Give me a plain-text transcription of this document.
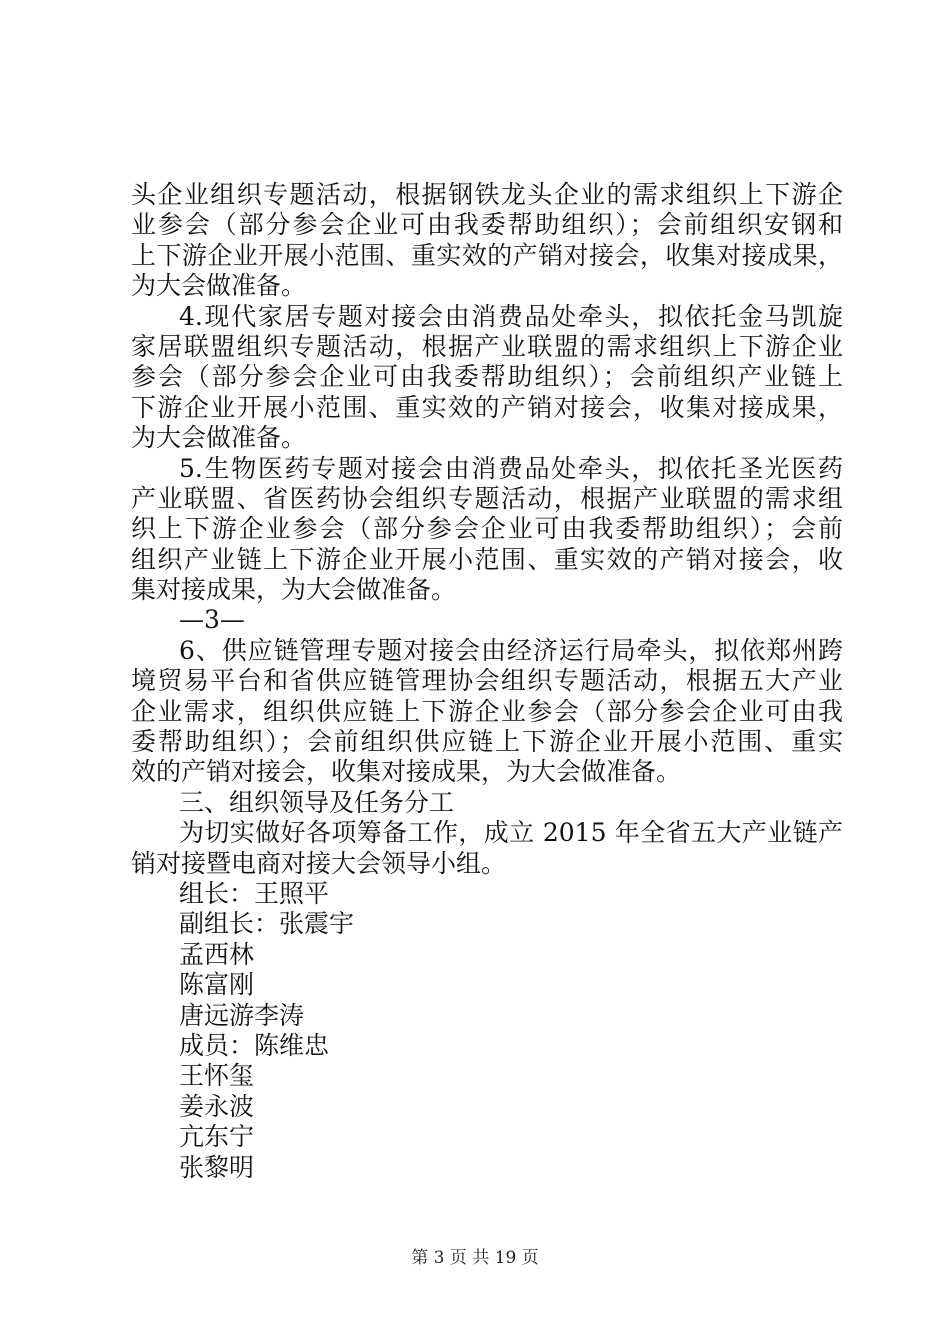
头企业组织专题活动，根据钢铁龙头企业的需求组织上下游企
业参会（部分参会企业可由我委帮助组织）；会前组织安钢和
上下游企业开展小范围、重实效的产销对接会，收集对接成果，
为大会做准备。
4.现代家居专题对接会由消费品处牵头，拟依托金马凯旋
家居联盟组织专题活动，根据产业联盟的需求组织上下游企业
参会（部分参会企业可由我委帮助组织）；会前组织产业链上
下游企业开展小范围、重实效的产销对接会，收集对接成果，
为大会做准备。
5.生物医药专题对接会由消费品处牵头，拟依托圣光医药
产业联盟、省医药协会组织专题活动，根据产业联盟的需求组
织上下游企业参会（部分参会企业可由我委帮助组织）；会前
组织产业链上下游企业开展小范围、重实效的产销对接会，收
集对接成果，为大会做准备。
—3—
6、供应链管理专题对接会由经济运行局牵头，拟依郑州跨
境贸易平台和省供应链管理协会组织专题活动，根据五大产业
企业需求，组织供应链上下游企业参会（部分参会企业可由我
委帮助组织）；会前组织供应链上下游企业开展小范围、重实
效的产销对接会，收集对接成果，为大会做准备。
三、组织领导及任务分工
为切实做好各项筹备工作，成立 2015 年全省五大产业链产
销对接暨电商对接大会领导小组。
组长：王照平
副组长：张震宇
孟西林
陈富刚
唐远游李涛
成员：陈维忠
王怀玺
姜永波
亢东宁
张黎明
第 3 页 共 19 页
